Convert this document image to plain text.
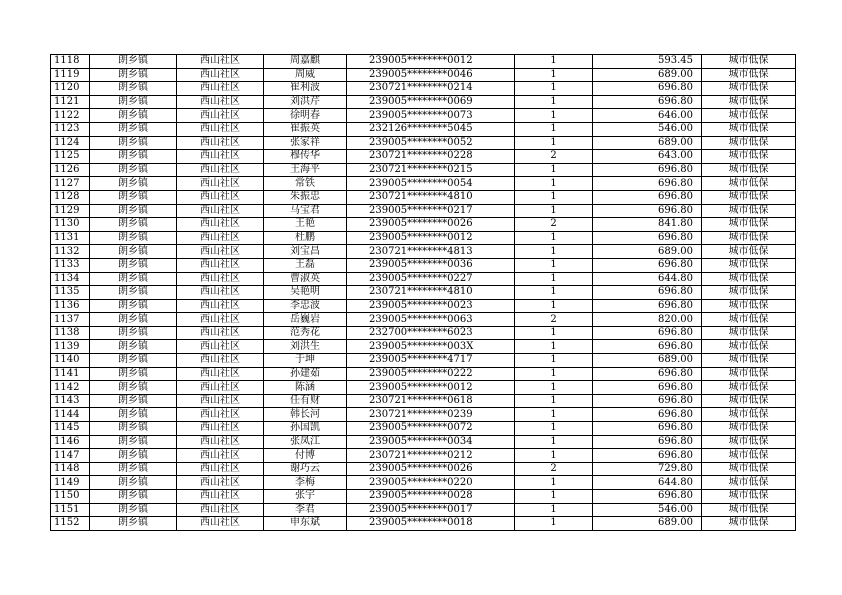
1118	朗乡镇	西山社区	周嘉麒	239005********0012	1	593.45	城市低保
1119	朗乡镇	西山社区	周威	239005********0046	1	689.00	城市低保
1120	朗乡镇	西山社区	崔利波	230721********0214	1	696.80	城市低保
1121	朗乡镇	西山社区	刘洪芹	239005********0069	1	696.80	城市低保
1122	朗乡镇	西山社区	徐明春	239005********0073	1	646.00	城市低保
1123	朗乡镇	西山社区	崔振英	232126********5045	1	546.00	城市低保
1124	朗乡镇	西山社区	张家祥	239005********0052	1	689.00	城市低保
1125	朗乡镇	西山社区	穆传华	230721********0228	2	643.00	城市低保
1126	朗乡镇	西山社区	王海平	230721********0215	1	696.80	城市低保
1127	朗乡镇	西山社区	常铁	239005********0054	1	696.80	城市低保
1128	朗乡镇	西山社区	朱振忠	230721********4810	1	696.80	城市低保
1129	朗乡镇	西山社区	马宝君	239005********0217	1	696.80	城市低保
1130	朗乡镇	西山社区	王艳	239005********0026	2	841.80	城市低保
1131	朗乡镇	西山社区	杜鹏	239005********0012	1	696.80	城市低保
1132	朗乡镇	西山社区	刘宝昌	230721********4813	1	689.00	城市低保
1133	朗乡镇	西山社区	王磊	239005********0036	1	696.80	城市低保
1134	朗乡镇	西山社区	曹淑英	239005********0227	1	644.80	城市低保
1135	朗乡镇	西山社区	吴艳明	230721********4810	1	696.80	城市低保
1136	朗乡镇	西山社区	李忠波	239005********0023	1	696.80	城市低保
1137	朗乡镇	西山社区	岳巍岩	239005********0063	2	820.00	城市低保
1138	朗乡镇	西山社区	范秀花	232700********6023	1	696.80	城市低保
1139	朗乡镇	西山社区	刘洪生	239005********003X	1	696.80	城市低保
1140	朗乡镇	西山社区	于坤	239005********4717	1	689.00	城市低保
1141	朗乡镇	西山社区	孙建茹	239005********0222	1	696.80	城市低保
1142	朗乡镇	西山社区	陈涵	239005********0012	1	696.80	城市低保
1143	朗乡镇	西山社区	任有财	230721********0618	1	696.80	城市低保
1144	朗乡镇	西山社区	韩长河	230721********0239	1	696.80	城市低保
1145	朗乡镇	西山社区	孙国凯	239005********0072	1	696.80	城市低保
1146	朗乡镇	西山社区	张凤江	239005********0034	1	696.80	城市低保
1147	朗乡镇	西山社区	付博	230721********0212	1	696.80	城市低保
1148	朗乡镇	西山社区	谢巧云	239005********0026	2	729.80	城市低保
1149	朗乡镇	西山社区	李梅	239005********0220	1	644.80	城市低保
1150	朗乡镇	西山社区	张宇	239005********0028	1	696.80	城市低保
1151	朗乡镇	西山社区	李君	239005********0017	1	546.00	城市低保
1152	朗乡镇	西山社区	申东斌	239005********0018	1	689.00	城市低保
